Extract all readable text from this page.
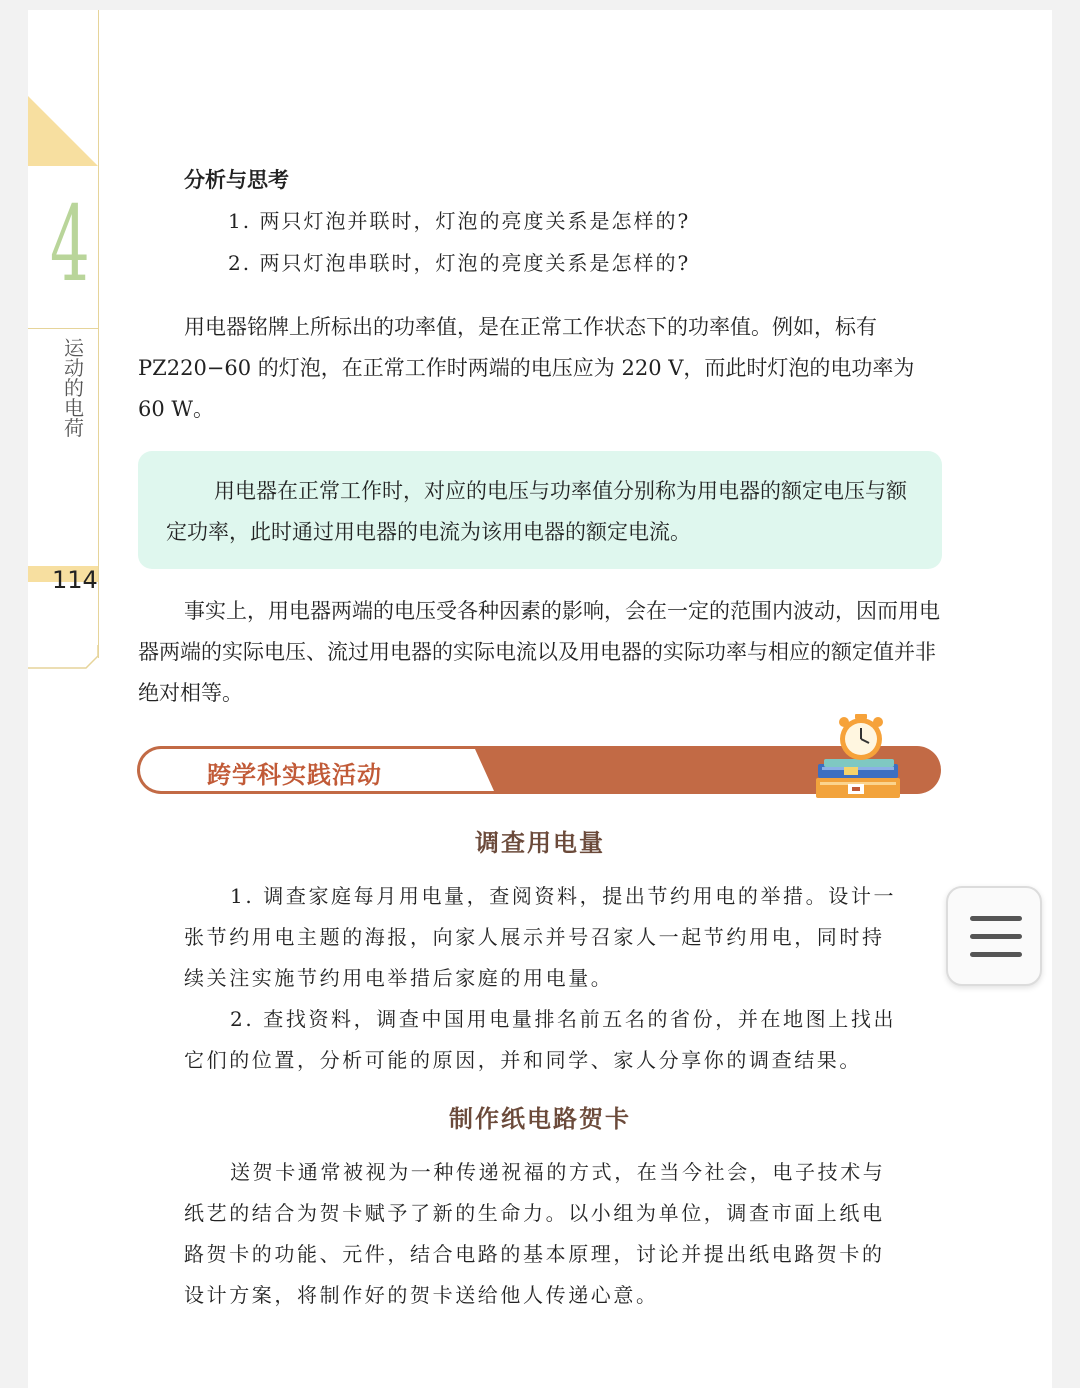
4
运动的电荷
114
分析与思考
1. 两只灯泡并联时，灯泡的亮度关系是怎样的?
2. 两只灯泡串联时，灯泡的亮度关系是怎样的?
用电器铭牌上所标出的功率值，是在正常工作状态下的功率值。例如，标有 PZ220−60 的灯泡，在正常工作时两端的电压应为 220 V，而此时灯泡的电功率为 60 W。
用电器在正常工作时，对应的电压与功率值分别称为用电器的额定电压与额定功率，此时通过用电器的电流为该用电器的额定电流。
事实上，用电器两端的电压受各种因素的影响，会在一定的范围内波动，因而用电器两端的实际电压、流过用电器的实际电流以及用电器的实际功率与相应的额定值并非绝对相等。
跨学科实践活动
调查用电量
1. 调查家庭每月用电量，查阅资料，提出节约用电的举措。设计一张节约用电主题的海报，向家人展示并号召家人一起节约用电，同时持续关注实施节约用电举措后家庭的用电量。
2. 查找资料，调查中国用电量排名前五名的省份，并在地图上找出它们的位置，分析可能的原因，并和同学、家人分享你的调查结果。
制作纸电路贺卡
送贺卡通常被视为一种传递祝福的方式，在当今社会，电子技术与纸艺的结合为贺卡赋予了新的生命力。以小组为单位，调查市面上纸电路贺卡的功能、元件，结合电路的基本原理，讨论并提出纸电路贺卡的设计方案，将制作好的贺卡送给他人传递心意。
